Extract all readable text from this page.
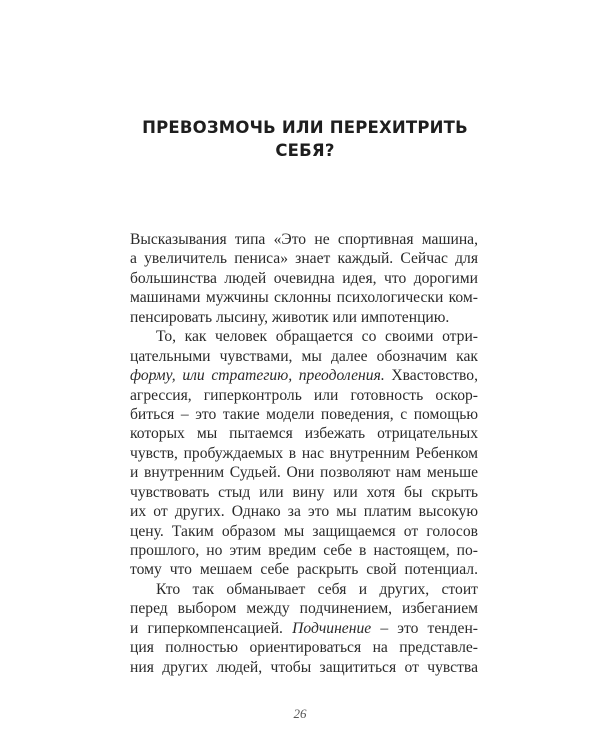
ПРЕВОЗМОЧЬ ИЛИ ПЕРЕХИТРИТЬ
СЕБЯ?
Высказывания типа «Это не спортивная машина,
а увеличитель пениса» знает каждый. Сейчас для
большинства людей очевидна идея, что дорогими
машинами мужчины склонны психологически ком-
пенсировать лысину, животик или импотенцию.
То, как человек обращается со своими отри-
цательными чувствами, мы далее обозначим как
форму, или стратегию, преодоления. Хвастовство,
агрессия, гиперконтроль или готовность оскор-
биться – это такие модели поведения, с помощью
которых мы пытаемся избежать отрицательных
чувств, пробуждаемых в нас внутренним Ребенком
и внутренним Судьей. Они позволяют нам меньше
чувствовать стыд или вину или хотя бы скрыть
их от других. Однако за это мы платим высокую
цену. Таким образом мы защищаемся от голосов
прошлого, но этим вредим себе в настоящем, по-
тому что мешаем себе раскрыть свой потенциал.
Кто так обманывает себя и других, стоит
перед выбором между подчинением, избеганием
и гиперкомпенсацией. Подчинение – это тенден-
ция полностью ориентироваться на представле-
ния других людей, чтобы защититься от чувства
26
